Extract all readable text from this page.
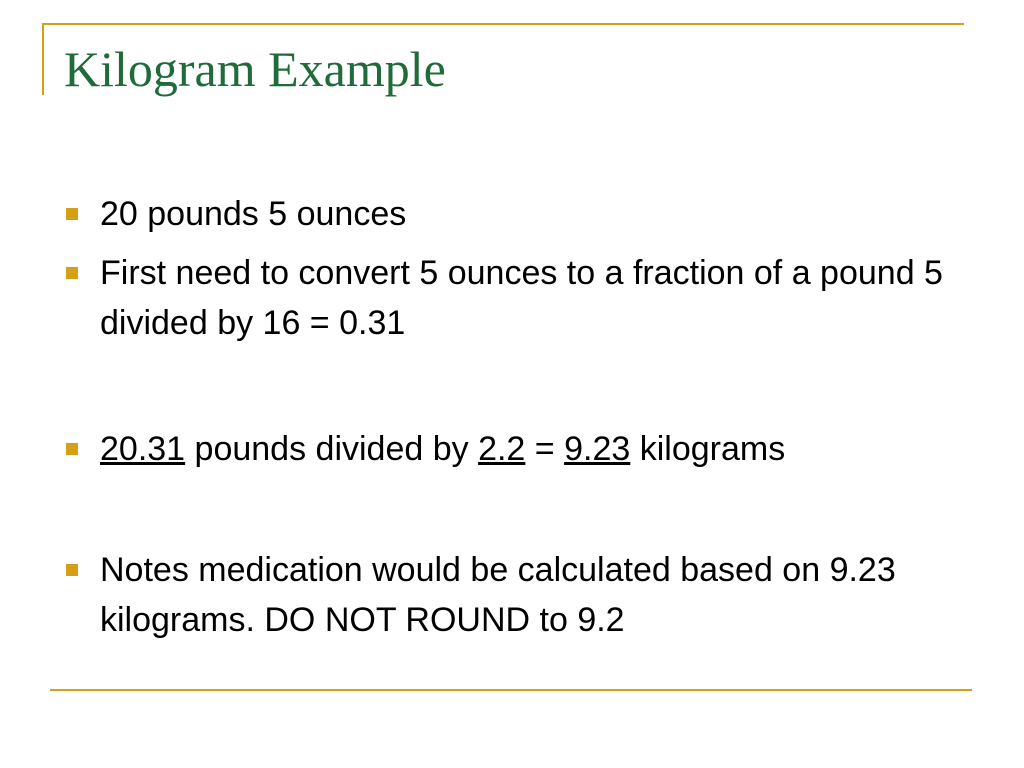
Kilogram Example
20 pounds 5 ounces
First need to convert 5 ounces to a fraction of a pound 5 divided by 16 = 0.31
20.31 pounds divided by 2.2 = 9.23 kilograms
Notes medication would be calculated based on 9.23 kilograms. DO NOT ROUND to 9.2
